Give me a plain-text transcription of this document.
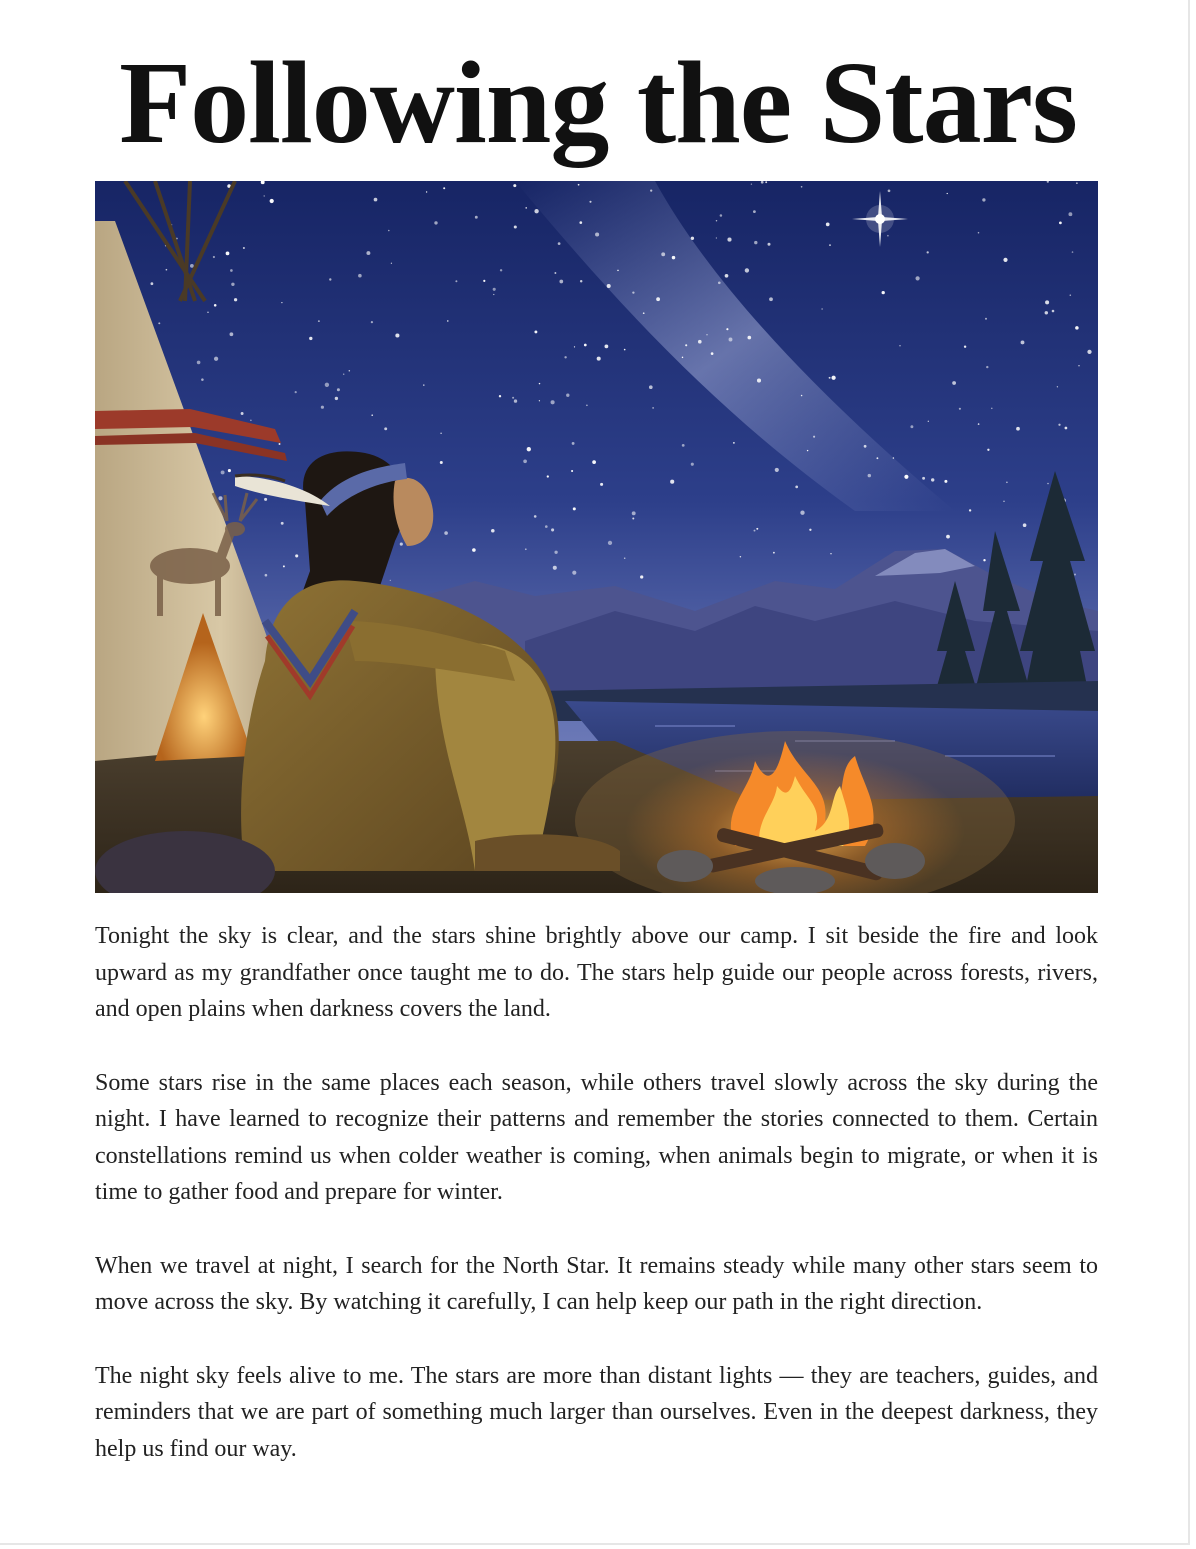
Following the Stars

Tonight the sky is clear, and the stars shine brightly above our camp. I sit beside the fire and look upward as my grandfather once taught me to do. The stars help guide our people across forests, rivers, and open plains when darkness covers the land.

Some stars rise in the same places each season, while others travel slowly across the sky during the night. I have learned to recognize their patterns and remember the stories connected to them. Certain constellations remind us when colder weather is coming, when animals begin to migrate, or when it is time to gather food and prepare for winter.

When we travel at night, I search for the North Star. It remains steady while many other stars seem to move across the sky. By watching it carefully, I can help keep our path in the right direction.

The night sky feels alive to me. The stars are more than distant lights — they are teachers, guides, and reminders that we are part of something much larger than ourselves. Even in the deepest darkness, they help us find our way.
